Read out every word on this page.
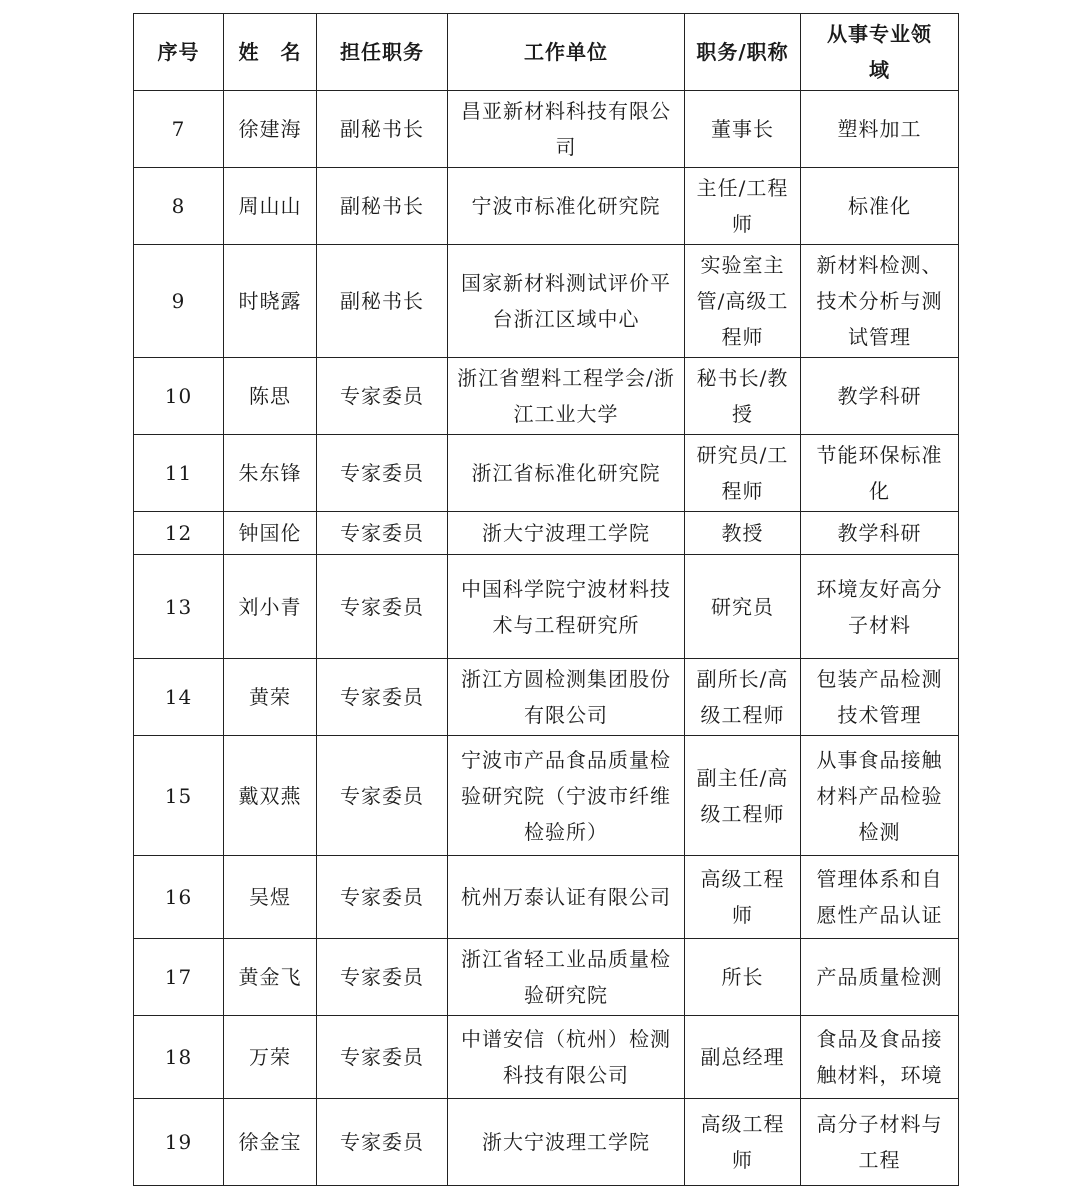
序号	姓　名	担任职务	工作单位	职务/职称	从事专业领域

7	徐建海	副秘书长	昌亚新材料科技有限公司	董事长	塑料加工

8	周山山	副秘书长	宁波市标准化研究院	主任/工程师	标准化

9	时晓露	副秘书长	国家新材料测试评价平台浙江区域中心	实验室主管/高级工程师	新材料检测、技术分析与测试管理

10	陈思	专家委员	浙江省塑料工程学会/浙江工业大学	秘书长/教授	教学科研

11	朱东锋	专家委员	浙江省标准化研究院	研究员/工程师	节能环保标准化

12	钟国伦	专家委员	浙大宁波理工学院	教授	教学科研

13	刘小青	专家委员	中国科学院宁波材料技术与工程研究所	研究员	环境友好高分子材料

14	黄荣	专家委员	浙江方圆检测集团股份有限公司	副所长/高级工程师	包装产品检测技术管理

15	戴双燕	专家委员	宁波市产品食品质量检验研究院（宁波市纤维检验所）	副主任/高级工程师	从事食品接触材料产品检验检测

16	吴煜	专家委员	杭州万泰认证有限公司	高级工程师	管理体系和自愿性产品认证

17	黄金飞	专家委员	浙江省轻工业品质量检验研究院	所长	产品质量检测

18	万荣	专家委员	中谱安信（杭州）检测科技有限公司	副总经理	食品及食品接触材料，环境

19	徐金宝	专家委员	浙大宁波理工学院	高级工程师	高分子材料与工程
